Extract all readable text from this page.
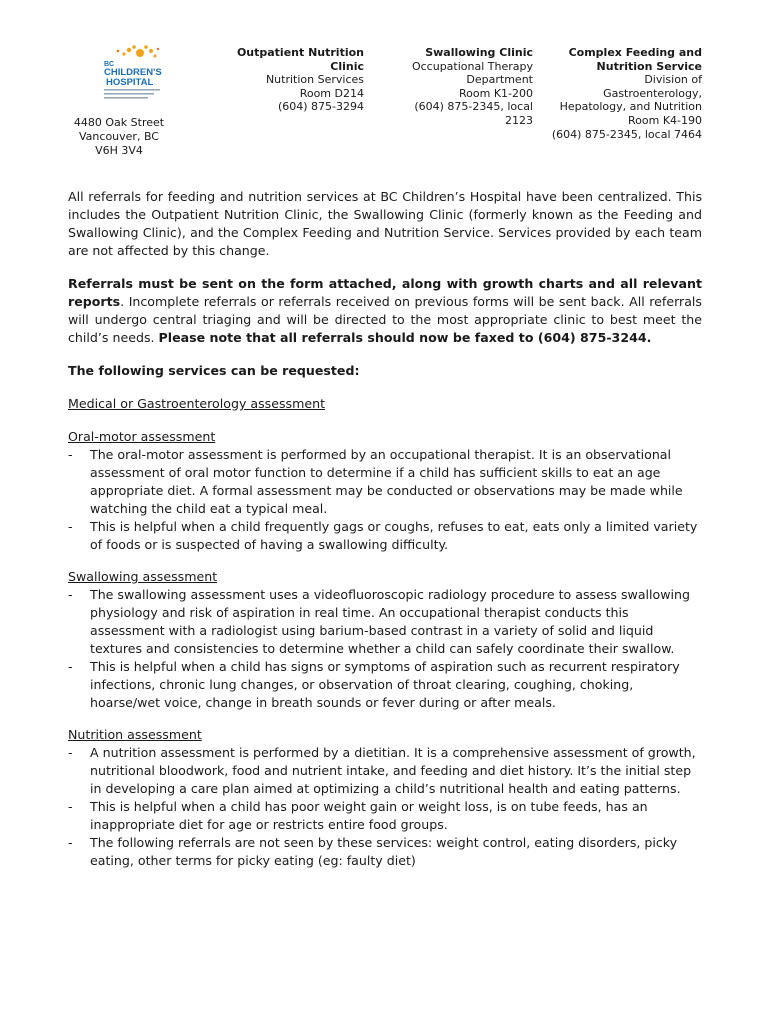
BC
CHILDREN'S
HOSPITAL
4480 Oak Street
Vancouver, BC V6H 3V4
Outpatient Nutrition Clinic
Nutrition Services
Room D214
(604) 875-3294
Swallowing Clinic
Occupational Therapy Department
Room K1-200
(604) 875-2345, local 2123
Complex Feeding and Nutrition Service
Division of Gastroenterology, Hepatology, and Nutrition
Room K4-190
(604) 875-2345, local 7464

All referrals for feeding and nutrition services at BC Children’s Hospital have been centralized. This includes the Outpatient Nutrition Clinic, the Swallowing Clinic (formerly known as the Feeding and Swallowing Clinic), and the Complex Feeding and Nutrition Service. Services provided by each team are not affected by this change.

Referrals must be sent on the form attached, along with growth charts and all relevant reports. Incomplete referrals or referrals received on previous forms will be sent back. All referrals will undergo central triaging and will be directed to the most appropriate clinic to best meet the child’s needs. Please note that all referrals should now be faxed to (604) 875-3244.

The following services can be requested:

Medical or Gastroenterology assessment

Oral-motor assessment

- The oral-motor assessment is performed by an occupational therapist. It is an observational assessment of oral motor function to determine if a child has sufficient skills to eat an age appropriate diet. A formal assessment may be conducted or observations may be made while watching the child eat a typical meal.
- This is helpful when a child frequently gags or coughs, refuses to eat, eats only a limited variety of foods or is suspected of having a swallowing difficulty.

Swallowing assessment

- The swallowing assessment uses a videofluoroscopic radiology procedure to assess swallowing physiology and risk of aspiration in real time. An occupational therapist conducts this assessment with a radiologist using barium-based contrast in a variety of solid and liquid textures and consistencies to determine whether a child can safely coordinate their swallow.
- This is helpful when a child has signs or symptoms of aspiration such as recurrent respiratory infections, chronic lung changes, or observation of throat clearing, coughing, choking, hoarse/wet voice, change in breath sounds or fever during or after meals.

Nutrition assessment

- A nutrition assessment is performed by a dietitian. It is a comprehensive assessment of growth, nutritional bloodwork, food and nutrient intake, and feeding and diet history. It’s the initial step in developing a care plan aimed at optimizing a child’s nutritional health and eating patterns.
- This is helpful when a child has poor weight gain or weight loss, is on tube feeds, has an inappropriate diet for age or restricts entire food groups.
- The following referrals are not seen by these services: weight control, eating disorders, picky eating, other terms for picky eating (eg: faulty diet)
